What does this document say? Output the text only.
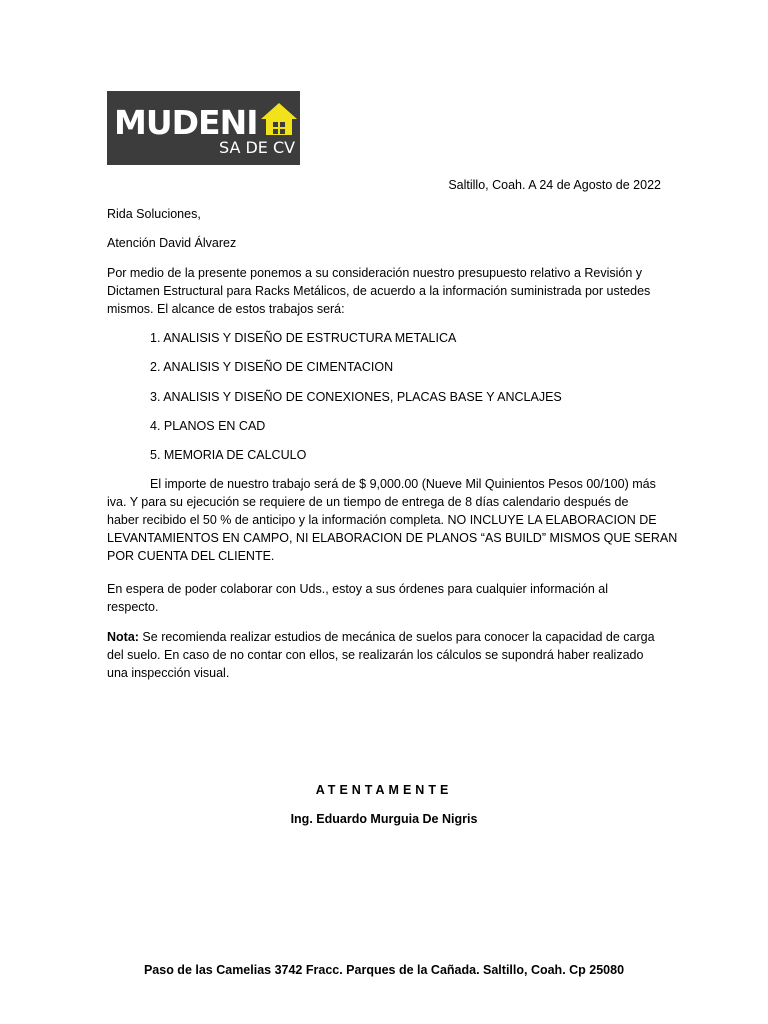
MUDENI
SA DE CV
Saltillo, Coah. A 24 de Agosto de 2022
Rida Soluciones,
Atención David Álvarez
Por medio de la presente ponemos a su consideración nuestro presupuesto relativo a Revisión y
Dictamen Estructural para Racks Metálicos, de acuerdo a la información suministrada por ustedes
mismos. El alcance de estos trabajos será:
1. ANALISIS Y DISEÑO DE ESTRUCTURA METALICA
2. ANALISIS Y DISEÑO DE CIMENTACION
3. ANALISIS Y DISEÑO DE CONEXIONES, PLACAS BASE Y ANCLAJES
4. PLANOS EN CAD
5. MEMORIA DE CALCULO
El importe de nuestro trabajo será de $ 9,000.00 (Nueve Mil Quinientos Pesos 00/100) más
iva. Y para su ejecución se requiere de un tiempo de entrega de 8 días calendario después de
haber recibido el 50 % de anticipo y la información completa. NO INCLUYE LA ELABORACION DE
LEVANTAMIENTOS EN CAMPO, NI ELABORACION DE PLANOS “AS BUILD” MISMOS QUE SERAN
POR CUENTA DEL CLIENTE.
En espera de poder colaborar con Uds., estoy a sus órdenes para cualquier información al
respecto.
Nota: Se recomienda realizar estudios de mecánica de suelos para conocer la capacidad de carga
del suelo. En caso de no contar con ellos, se realizarán los cálculos se supondrá haber realizado
una inspección visual.
ATENTAMENTE
Ing. Eduardo Murguia De Nigris
Paso de las Camelias 3742 Fracc. Parques de la Cañada. Saltillo, Coah. Cp 25080
